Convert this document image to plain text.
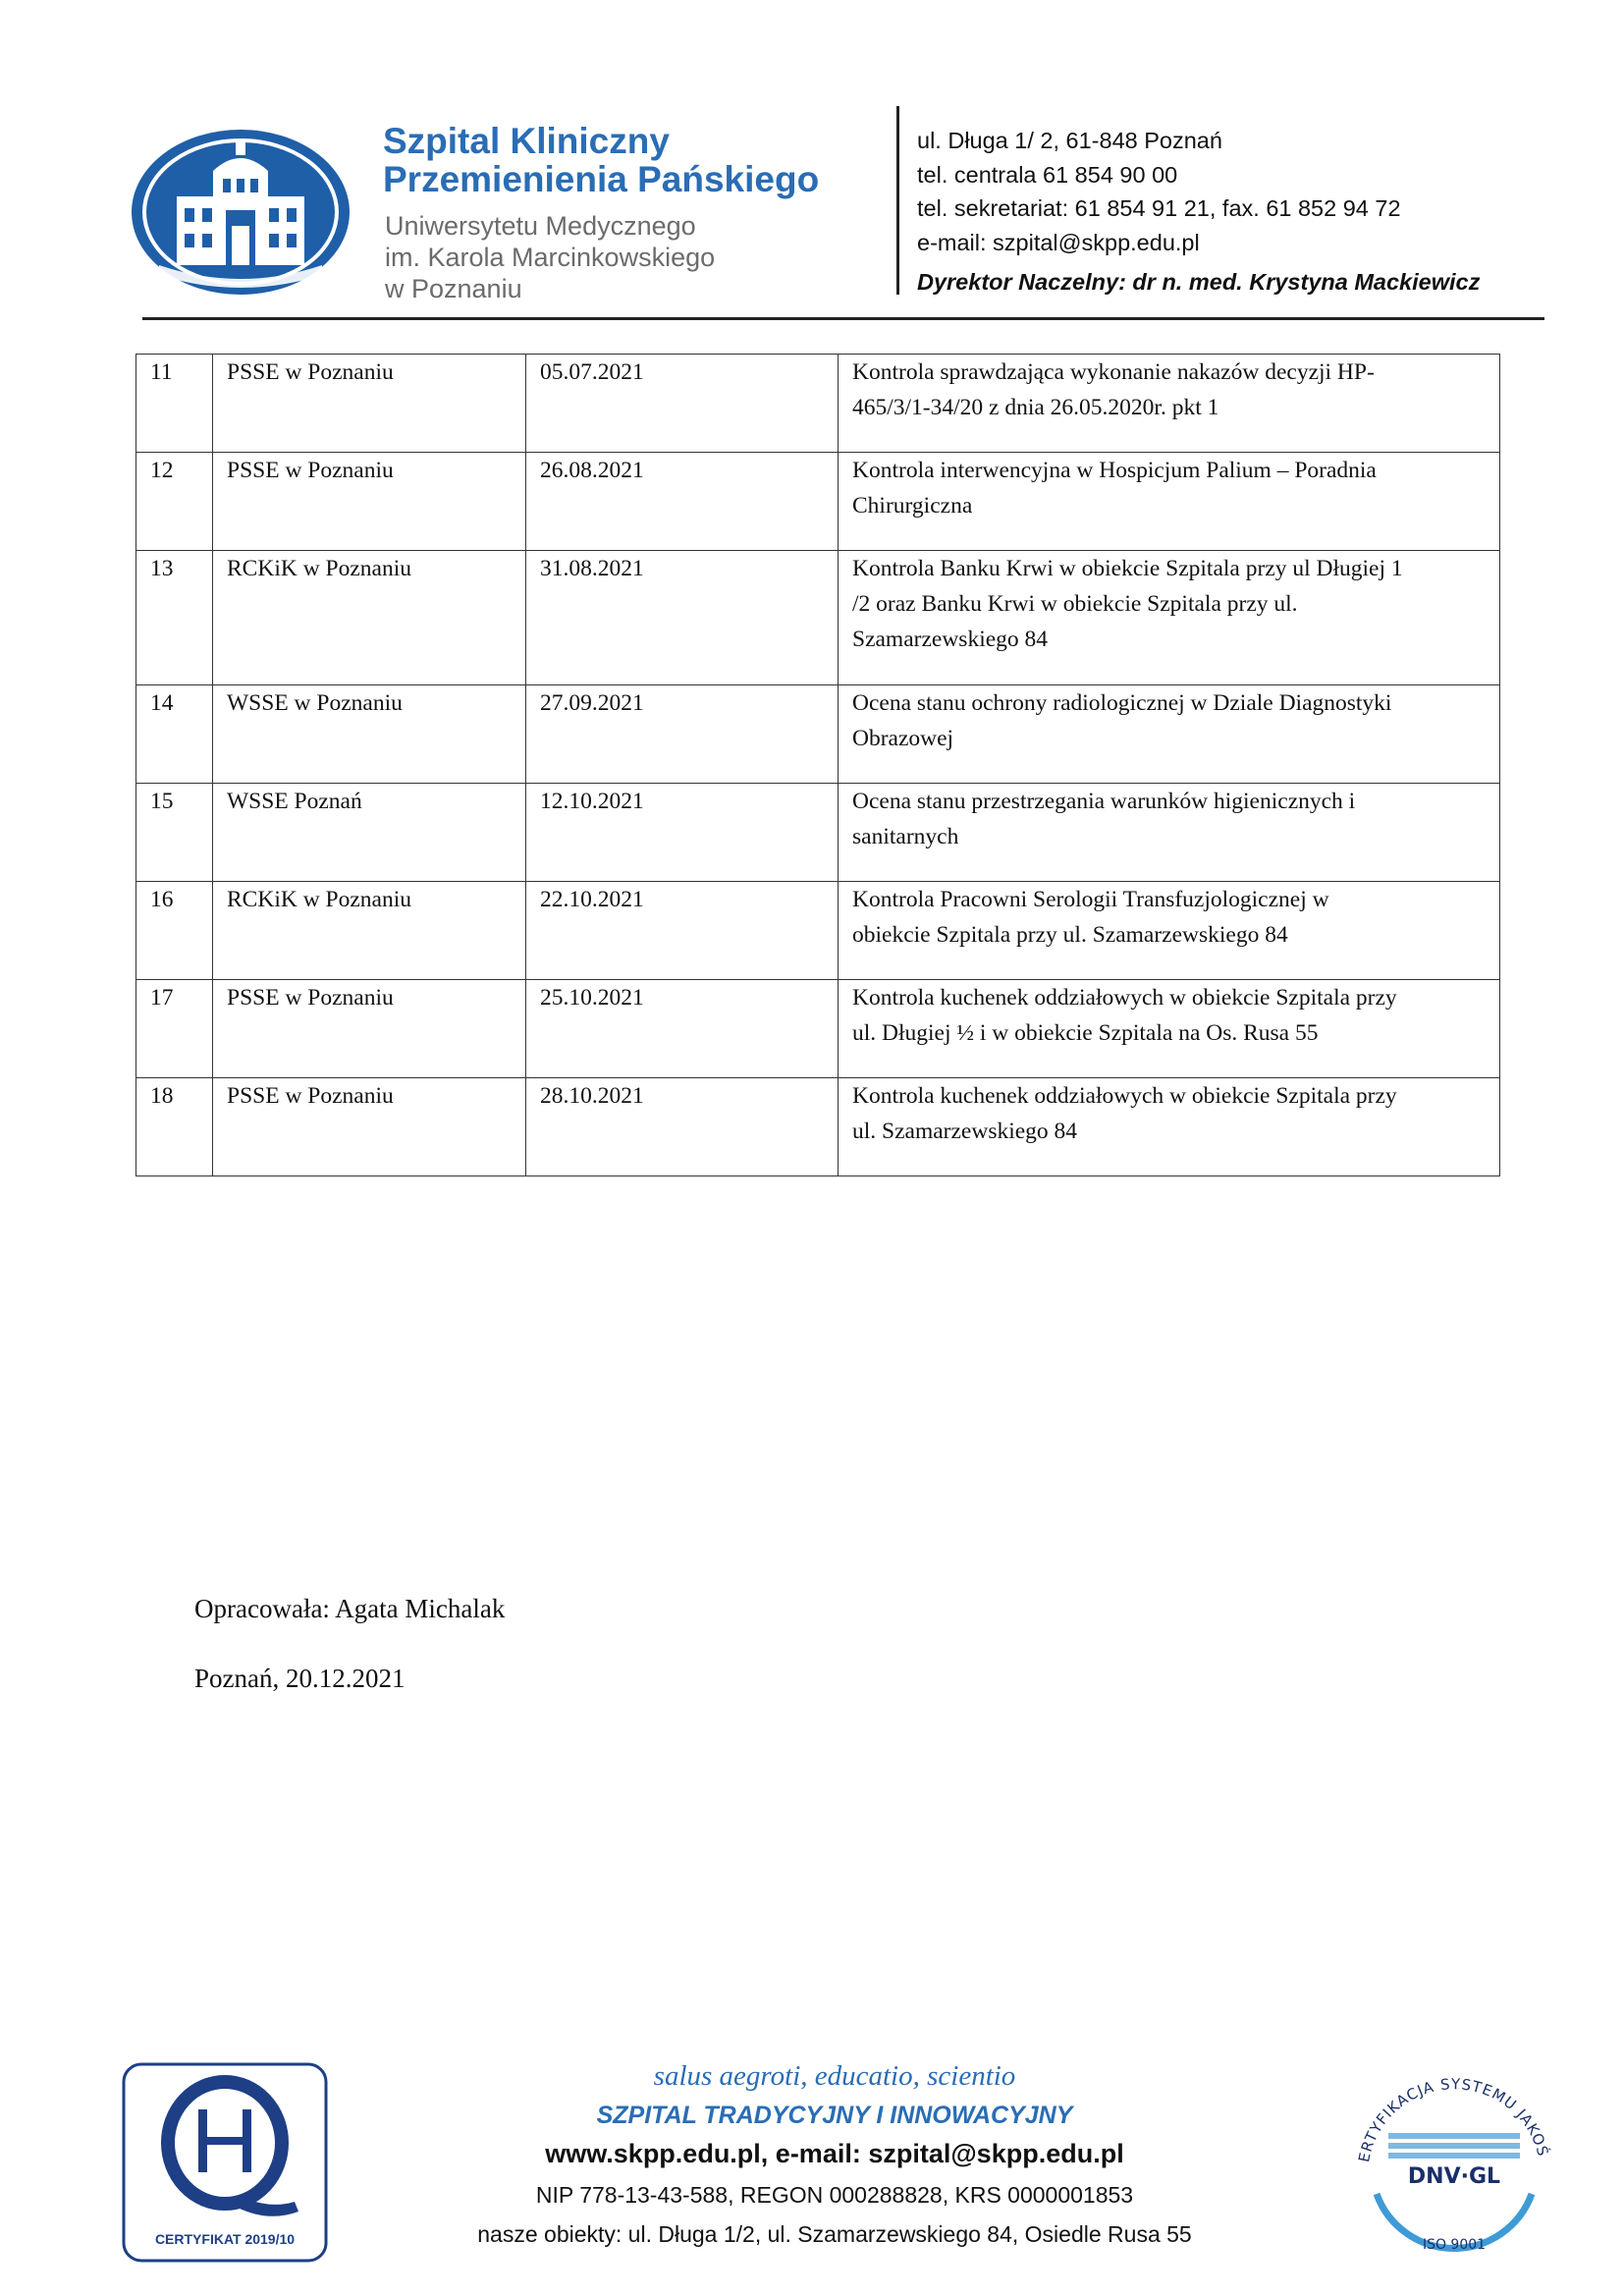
Szpital Kliniczny
Przemienienia Pańskiego
Uniwersytetu Medycznego
im. Karola Marcinkowskiego
w Poznaniu
ul. Długa 1/ 2, 61-848 Poznań
tel. centrala 61 854 90 00
tel. sekretariat: 61 854 91 21, fax. 61 852 94 72
e-mail: szpital@skpp.edu.pl
Dyrektor Naczelny: dr n. med. Krystyna Mackiewicz
11	PSSE w Poznaniu	05.07.2021	Kontrola sprawdzająca wykonanie nakazów decyzji HP-
465/3/1-34/20 z dnia 26.05.2020r. pkt 1

12	PSSE w Poznaniu	26.08.2021	Kontrola interwencyjna w Hospicjum Palium – Poradnia
Chirurgiczna

13	RCKiK w Poznaniu	31.08.2021	Kontrola Banku Krwi w obiekcie Szpitala przy ul Długiej 1
/2 oraz Banku Krwi w obiekcie Szpitala przy ul.
Szamarzewskiego 84

14	WSSE w Poznaniu	27.09.2021	Ocena stanu ochrony radiologicznej w Dziale Diagnostyki
Obrazowej

15	WSSE Poznań	12.10.2021	Ocena stanu przestrzegania warunków higienicznych i
sanitarnych

16	RCKiK w Poznaniu	22.10.2021	Kontrola Pracowni Serologii Transfuzjologicznej w
obiekcie Szpitala przy ul. Szamarzewskiego 84

17	PSSE w Poznaniu	25.10.2021	Kontrola kuchenek oddziałowych w obiekcie Szpitala przy
ul. Długiej ½ i w obiekcie Szpitala na Os. Rusa 55

18	PSSE w Poznaniu	28.10.2021	Kontrola kuchenek oddziałowych w obiekcie Szpitala przy
ul. Szamarzewskiego 84
Opracowała: Agata Michalak
Poznań, 20.12.2021
CERTYFIKAT 2019/10
salus aegroti, educatio, scientio
SZPITAL TRADYCYJNY I INNOWACYJNY
www.skpp.edu.pl, e-mail: szpital@skpp.edu.pl
NIP 778-13-43-588, REGON 000288828, KRS 0000001853
nasze obiekty: ul. Długa 1/2, ul. Szamarzewskiego 84, Osiedle Rusa 55
ERTYFIKACJA SYSTEMU JAKOŚ
DNV·GL
ISO 9001
